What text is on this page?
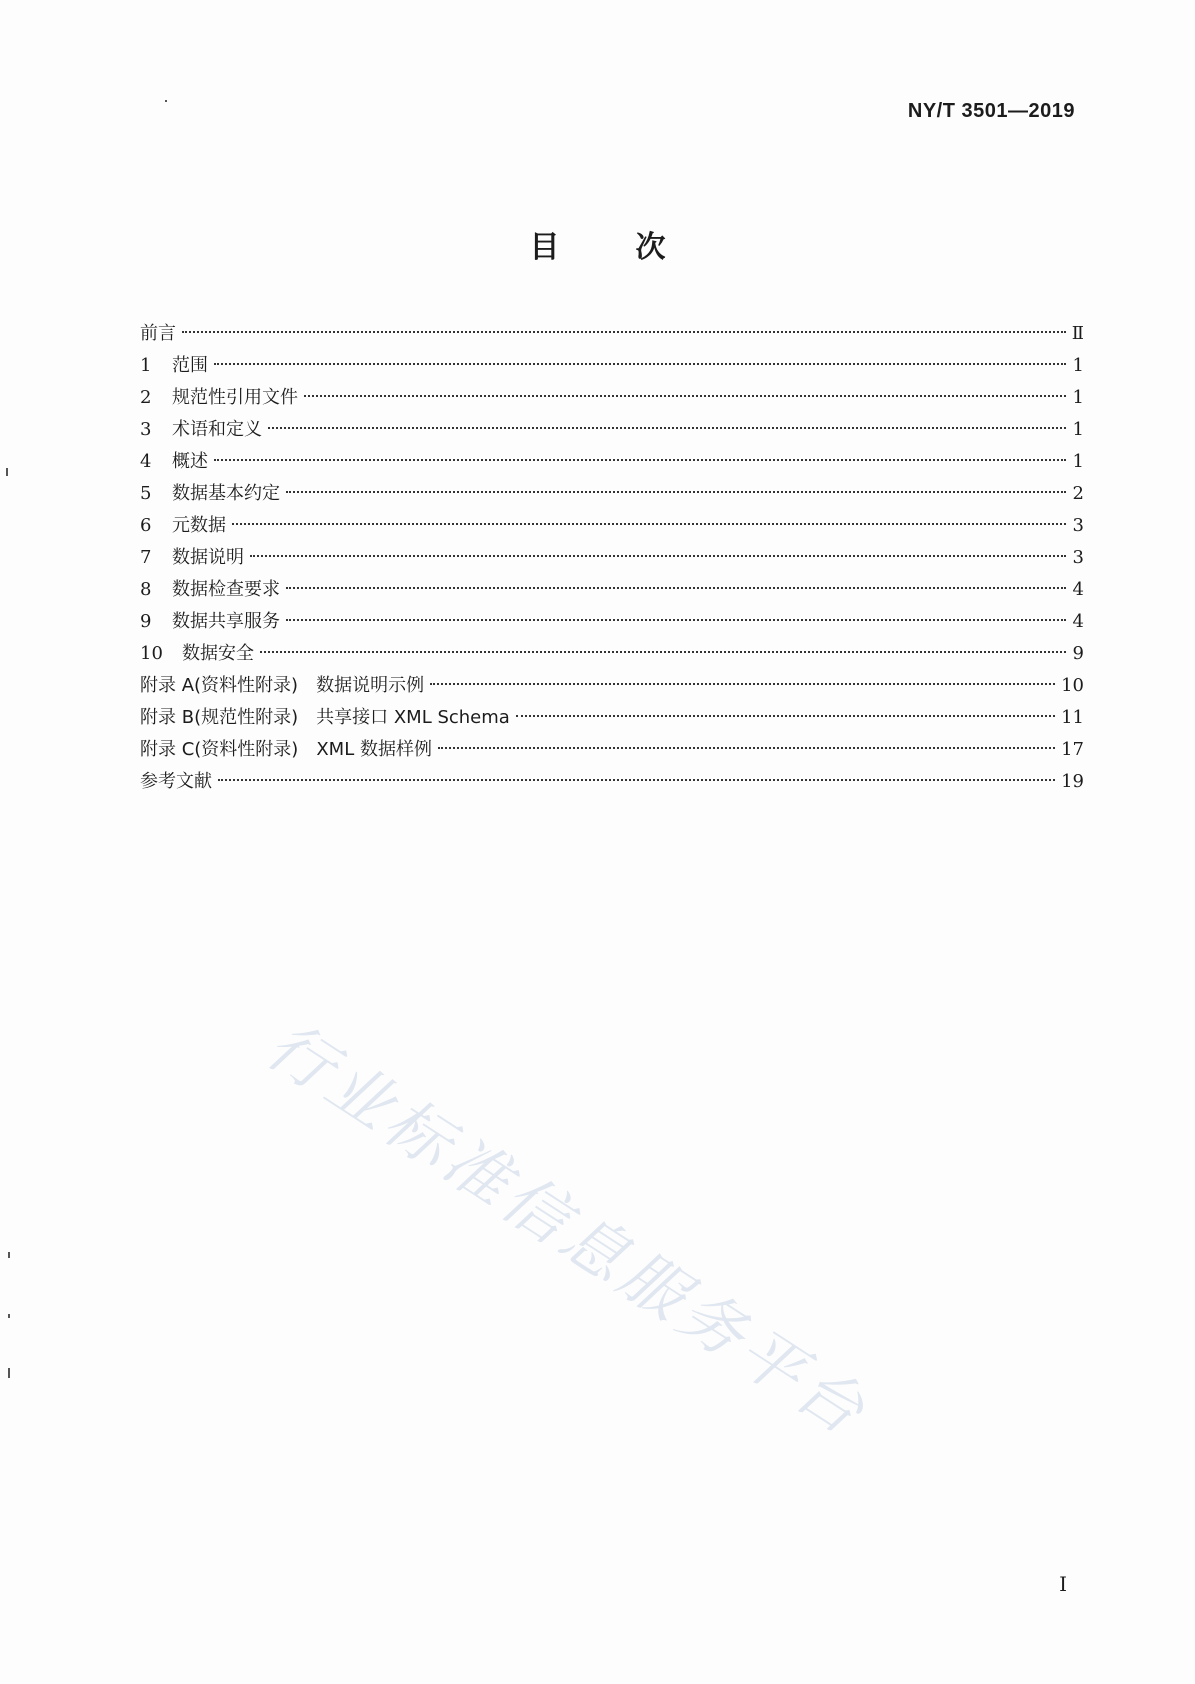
NY/T 3501—2019
目	次
前言	Ⅱ
1	范围	1
2	规范性引用文件	1
3	术语和定义	1
4	概述	1
5	数据基本约定	2
6	元数据	3
7	数据说明	3
8	数据检查要求	4
9	数据共享服务	4
10	数据安全	9
附录 A(资料性附录)　数据说明示例	10
附录 B(规范性附录)　共享接口 XML Schema	11
附录 C(资料性附录)　XML 数据样例	17
参考文献	19
行业标准信息服务平台
I
